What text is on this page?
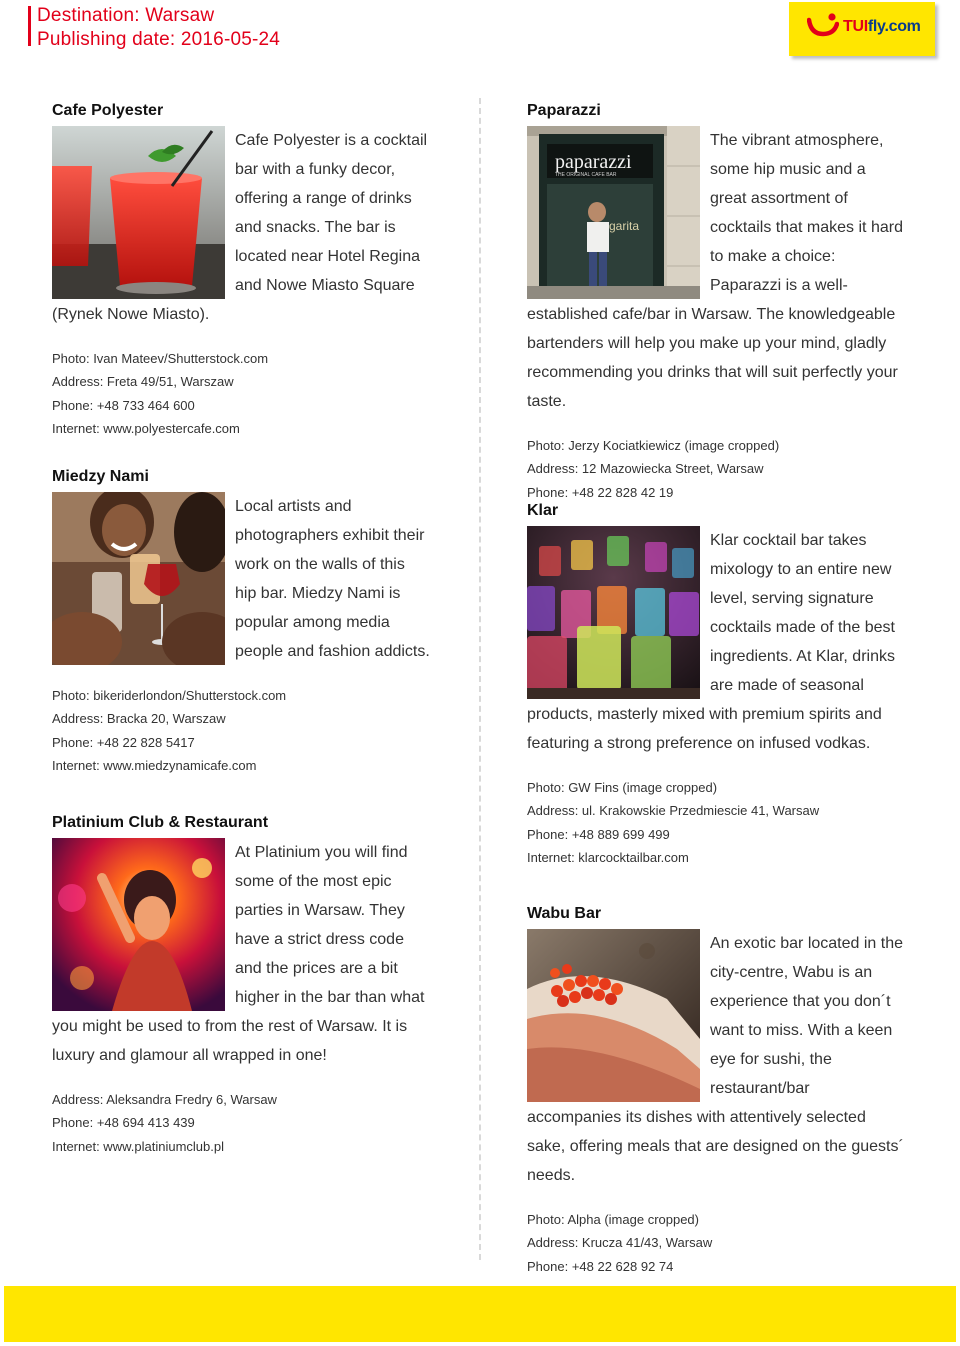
Destination: Warsaw
Publishing date: 2016-05-24
TUIfly.com
Cafe Polyester
Cafe Polyester is a cocktail bar with a funky decor, offering a range of drinks and snacks. The bar is located near Hotel Regina and Nowe Miasto Square (Rynek Nowe Miasto).
Photo: Ivan Mateev/Shutterstock.com
Address: Freta 49/51, Warszaw
Phone: +48 733 464 600
Internet: www.polyestercafe.com
Miedzy Nami
Local artists and photographers exhibit their work on the walls of this hip bar. Miedzy Nami is popular among media people and fashion addicts.
Photo: bikeriderlondon/Shutterstock.com
Address: Bracka 20, Warszaw
Phone: +48 22 828 5417
Internet: www.miedzynamicafe.com
Platinium Club & Restaurant
At Platinium you will find some of the most epic parties in Warsaw. They have a strict dress code and the prices are a bit higher in the bar than what you might be used to from the rest of Warsaw. It is luxury and glamour all wrapped in one!
Address: Aleksandra Fredry 6, Warsaw
Phone: +48 694 413 439
Internet: www.platiniumclub.pl
Paparazzi
paparazzi
THE ORIGINAL CAFE BAR
garita
The vibrant atmosphere, some hip music and a great assortment of cocktails that makes it hard to make a choice: Paparazzi is a well-established cafe/bar in Warsaw. The knowledgeable bartenders will help you make up your mind, gladly recommending you drinks that will suit perfectly your taste.
Photo: Jerzy Kociatkiewicz (image cropped)
Address: 12 Mazowiecka Street, Warsaw
Phone: +48 22 828 42 19
Klar
Klar cocktail bar takes mixology to an entire new level, serving signature cocktails made of the best ingredients. At Klar, drinks are made of seasonal products, masterly mixed with premium spirits and featuring a strong preference on infused vodkas.
Photo: GW Fins (image cropped)
Address: ul. Krakowskie Przedmiescie 41, Warsaw
Phone: +48 889 699 499
Internet: klarcocktailbar.com
Wabu Bar
An exotic bar located in the city-centre, Wabu is an experience that you don´t want to miss. With a keen eye for sushi, the restaurant/bar accompanies its dishes with attentively selected sake, offering meals that are designed on the guests´ needs.
Photo: Alpha (image cropped)
Address: Krucza 41/43, Warsaw
Phone: +48 22 628 92 74
